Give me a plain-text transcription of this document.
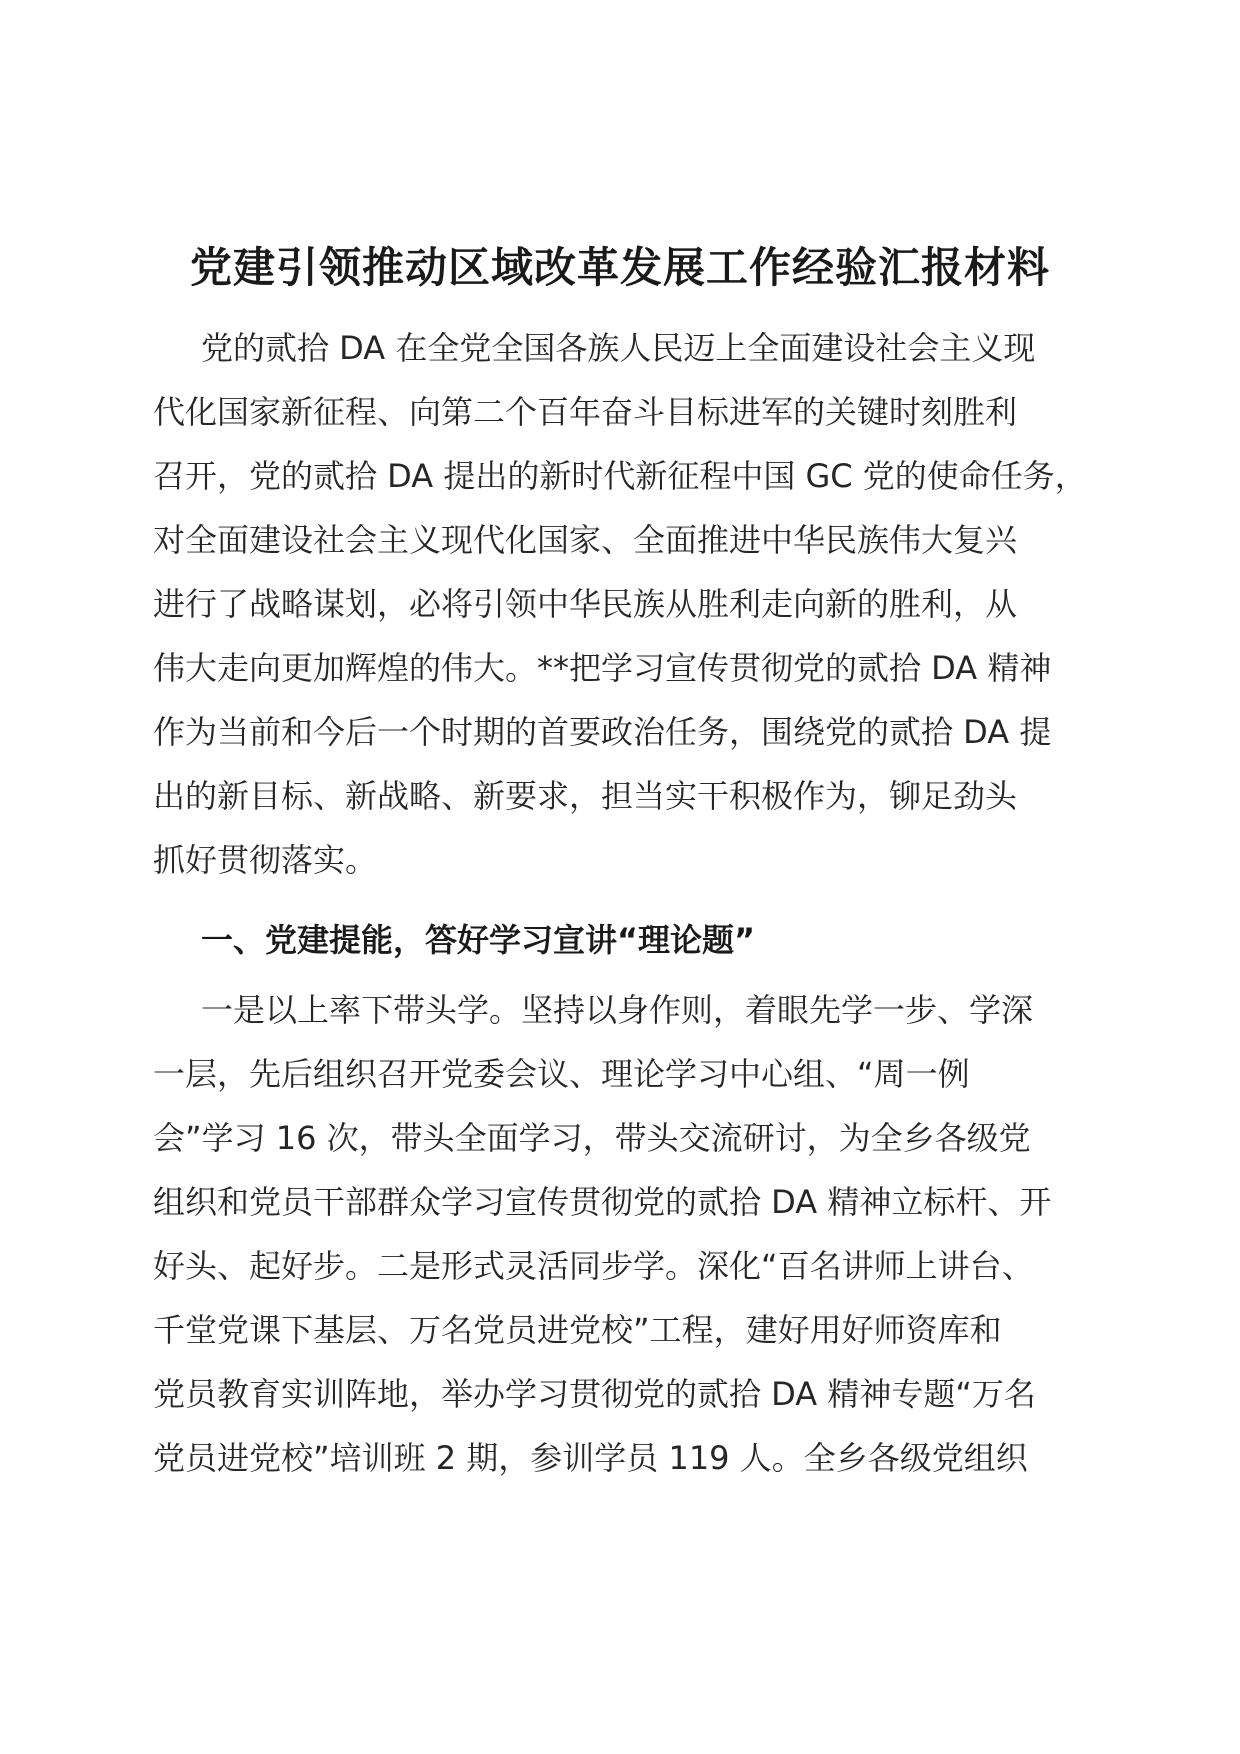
党建引领推动区域改革发展工作经验汇报材料
党的贰拾 DA 在全党全国各族人民迈上全面建设社会主义现
代化国家新征程、向第二个百年奋斗目标进军的关键时刻胜利
召开，党的贰拾 DA 提出的新时代新征程中国 GC 党的使命任务，
对全面建设社会主义现代化国家、全面推进中华民族伟大复兴
进行了战略谋划，必将引领中华民族从胜利走向新的胜利，从
伟大走向更加辉煌的伟大。**把学习宣传贯彻党的贰拾 DA 精神
作为当前和今后一个时期的首要政治任务，围绕党的贰拾 DA 提
出的新目标、新战略、新要求，担当实干积极作为，铆足劲头
抓好贯彻落实。
一、党建提能，答好学习宣讲“理论题”
一是以上率下带头学。坚持以身作则，着眼先学一步、学深
一层，先后组织召开党委会议、理论学习中心组、“周一例
会”学习 16 次，带头全面学习，带头交流研讨，为全乡各级党
组织和党员干部群众学习宣传贯彻党的贰拾 DA 精神立标杆、开
好头、起好步。二是形式灵活同步学。深化“百名讲师上讲台、
千堂党课下基层、万名党员进党校”工程，建好用好师资库和
党员教育实训阵地，举办学习贯彻党的贰拾 DA 精神专题“万名
党员进党校”培训班 2 期，参训学员 119 人。全乡各级党组织
